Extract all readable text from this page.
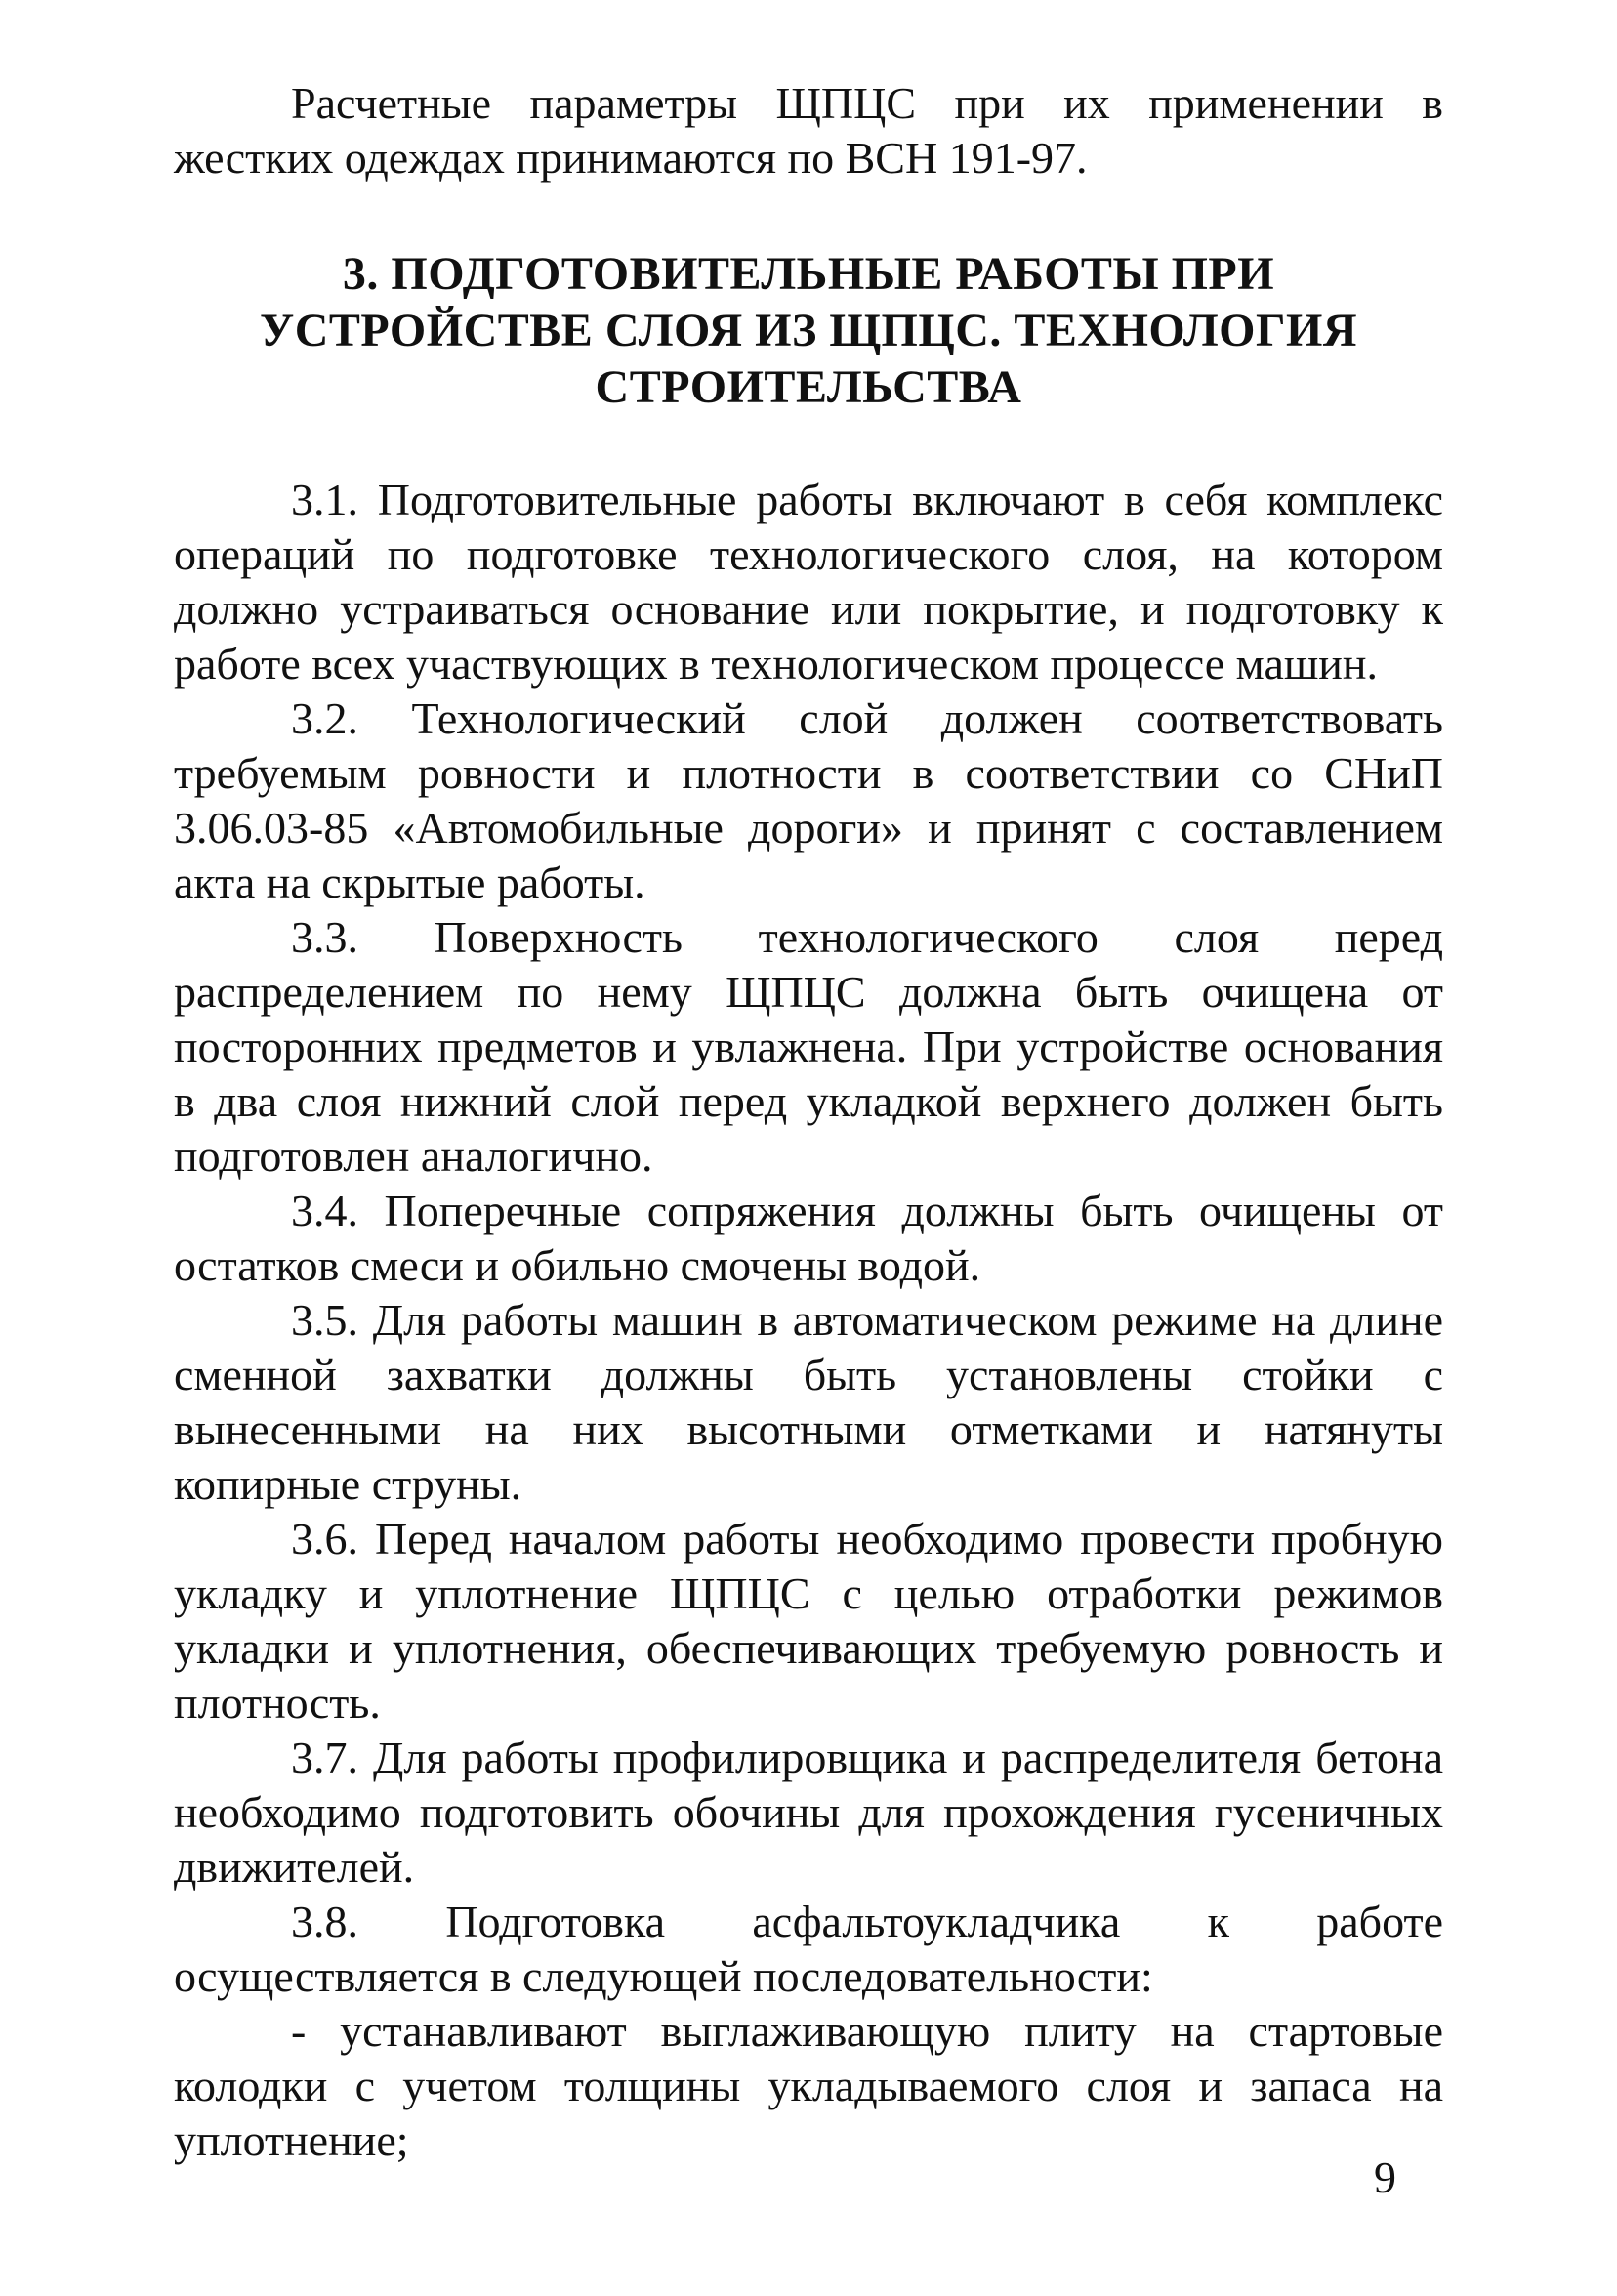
Расчетные параметры ЩПЦС при их применении в жестких одеждах принимаются по ВСН 191-97.

3. ПОДГОТОВИТЕЛЬНЫЕ РАБОТЫ ПРИ УСТРОЙСТВЕ СЛОЯ ИЗ ЩПЦС. ТЕХНОЛОГИЯ СТРОИТЕЛЬСТВА

3.1. Подготовительные работы включают в себя комплекс операций по подготовке технологического слоя, на котором должно устраиваться основание или покрытие, и подготовку к работе всех участвующих в технологическом процессе машин.

3.2. Технологический слой должен соответствовать требуемым ровности и плотности в соответствии со СНиП 3.06.03-85 «Автомобильные дороги» и принят с составлением акта на скрытые работы.

3.3. Поверхность технологического слоя перед распределением по нему ЩПЦС должна быть очищена от посторонних предметов и увлажнена. При устройстве основания в два слоя нижний слой перед укладкой верхнего должен быть подготовлен аналогично.

3.4. Поперечные сопряжения должны быть очищены от остатков смеси и обильно смочены водой.

3.5. Для работы машин в автоматическом режиме на длине сменной захватки должны быть установлены стойки с вынесенными на них высотными отметками и натянуты копирные струны.

3.6. Перед началом работы необходимо провести пробную укладку и уплотнение ЩПЦС с целью отработки режимов укладки и уплотнения, обеспечивающих требуемую ровность и плотность.

3.7. Для работы профилировщика и распределителя бетона необходимо подготовить обочины для прохождения гусеничных движителей.

3.8. Подготовка асфальтоукладчика к работе осуществляется в следующей последовательности:

- устанавливают выглаживающую плиту на стартовые колодки с учетом толщины укладываемого слоя и запаса на уплотнение;

9
